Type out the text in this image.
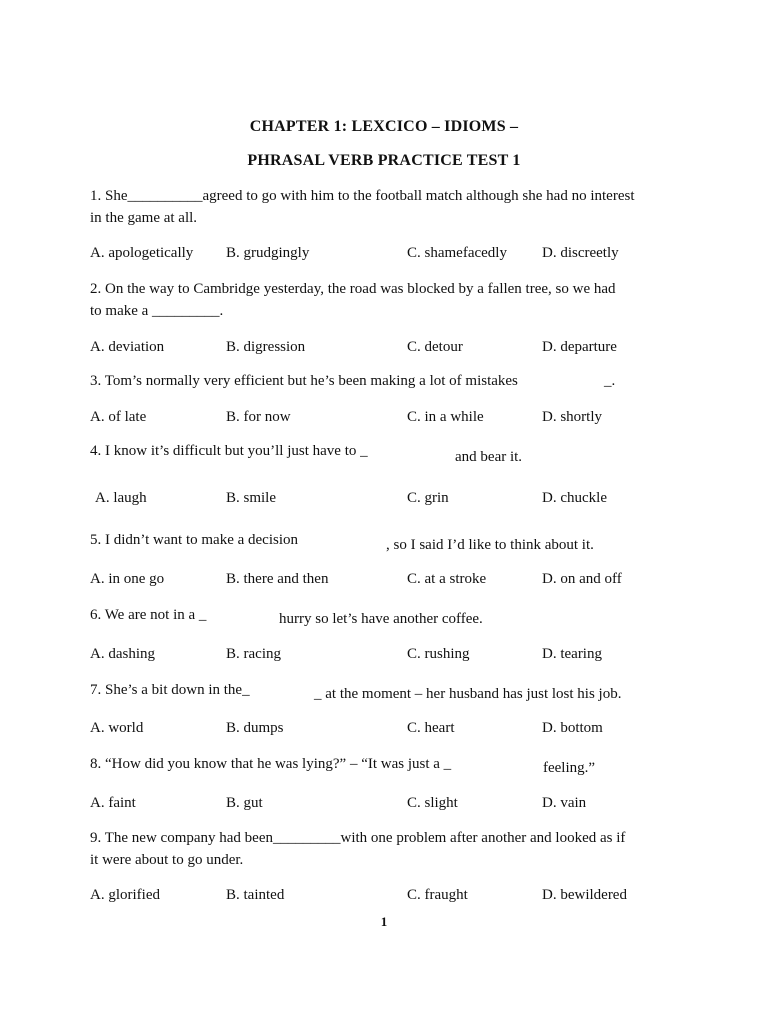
CHAPTER 1: LEXCICO – IDIOMS –
PHRASAL VERB PRACTICE TEST 1
1. She__________agreed to go with him to the football match although she had no interest
in the game at all.
A. apologetically B. grudgingly	C. shamefacedly D. discreetly
2. On the way to Cambridge yesterday, the road was blocked by a fallen tree, so we had
to make a _________.
A. deviation	B. digression	C. detour	D. departure
3. Tom’s normally very efficient but he’s been making a lot of mistakes	_.
A. of late	B. for now	C. in a while	D. shortly
4. I know it’s difficult but you’ll just have to _	and bear it.
A. laugh	B. smile	C. grin	D. chuckle
5. I didn’t want to make a decision	, so I said I’d like to think about it.
A. in one go	B. there and then	C. at a stroke	D. on and off
6. We are not in a _	hurry so let’s have another coffee.
A. dashing	B. racing	C. rushing	D. tearing
7. She’s a bit down in the_	_ at the moment – her husband has just lost his job.
A. world	B. dumps	C. heart	D. bottom
8. “How did you know that he was lying?” – “It was just a _	feeling.”
A. faint	B. gut	C. slight	D. vain
9. The new company had been_________with one problem after another and looked as if
it were about to go under.
A. glorified	B. tainted	C. fraught	D. bewildered
1
